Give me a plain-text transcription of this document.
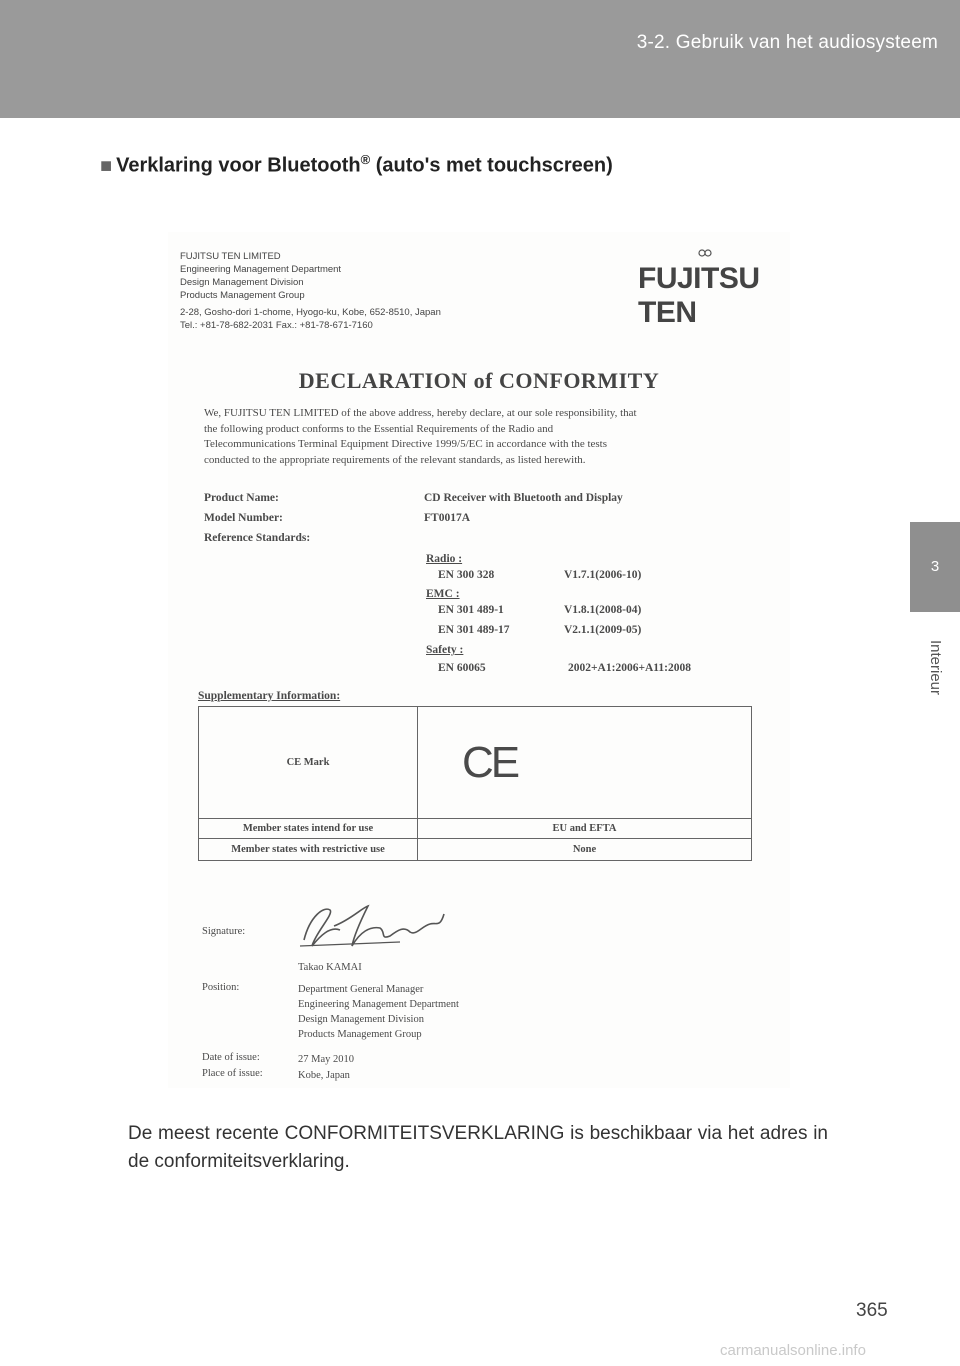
3-2. Gebruik van het audiosysteem
3
Interieur
■ Verklaring voor Bluetooth® (auto's met touchscreen)
FUJITSU TEN LIMITED
Engineering Management Department
Design Management Division
Products Management Group
2-28, Gosho-dori 1-chome, Hyogo-ku, Kobe, 652-8510, Japan
Tel.: +81-78-682-2031 Fax.: +81-78-671-7160
FUJITSU TEN
DECLARATION of CONFORMITY
We, FUJITSU TEN LIMITED of the above address, hereby declare, at our sole responsibility, that
the following product conforms to the Essential Requirements of the Radio and
Telecommunications Terminal Equipment Directive 1999/5/EC in accordance with the tests
conducted to the appropriate requirements of the relevant standards, as listed herewith.
Product Name:	CD Receiver with Bluetooth and Display
Model Number:	FT0017A
Reference Standards:
Radio :
EN 300 328	V1.7.1(2006-10)
EMC :
EN 301 489-1	V1.8.1(2008-04)
EN 301 489-17	V2.1.1(2009-05)
Safety :
EN 60065	2002+A1:2006+A11:2008
Supplementary Information:
CE Mark	CE
Member states intend for use	EU and EFTA
Member states with restrictive use	None
Signature:
Takao KAMAI
Position:	Department General Manager
Engineering Management Department
Design Management Division
Products Management Group
Date of issue:	27 May 2010
Place of issue:	Kobe, Japan
De meest recente CONFORMITEITSVERKLARING is beschikbaar via het adres in de conformiteitsverklaring.
365
carmanualsonline.info
